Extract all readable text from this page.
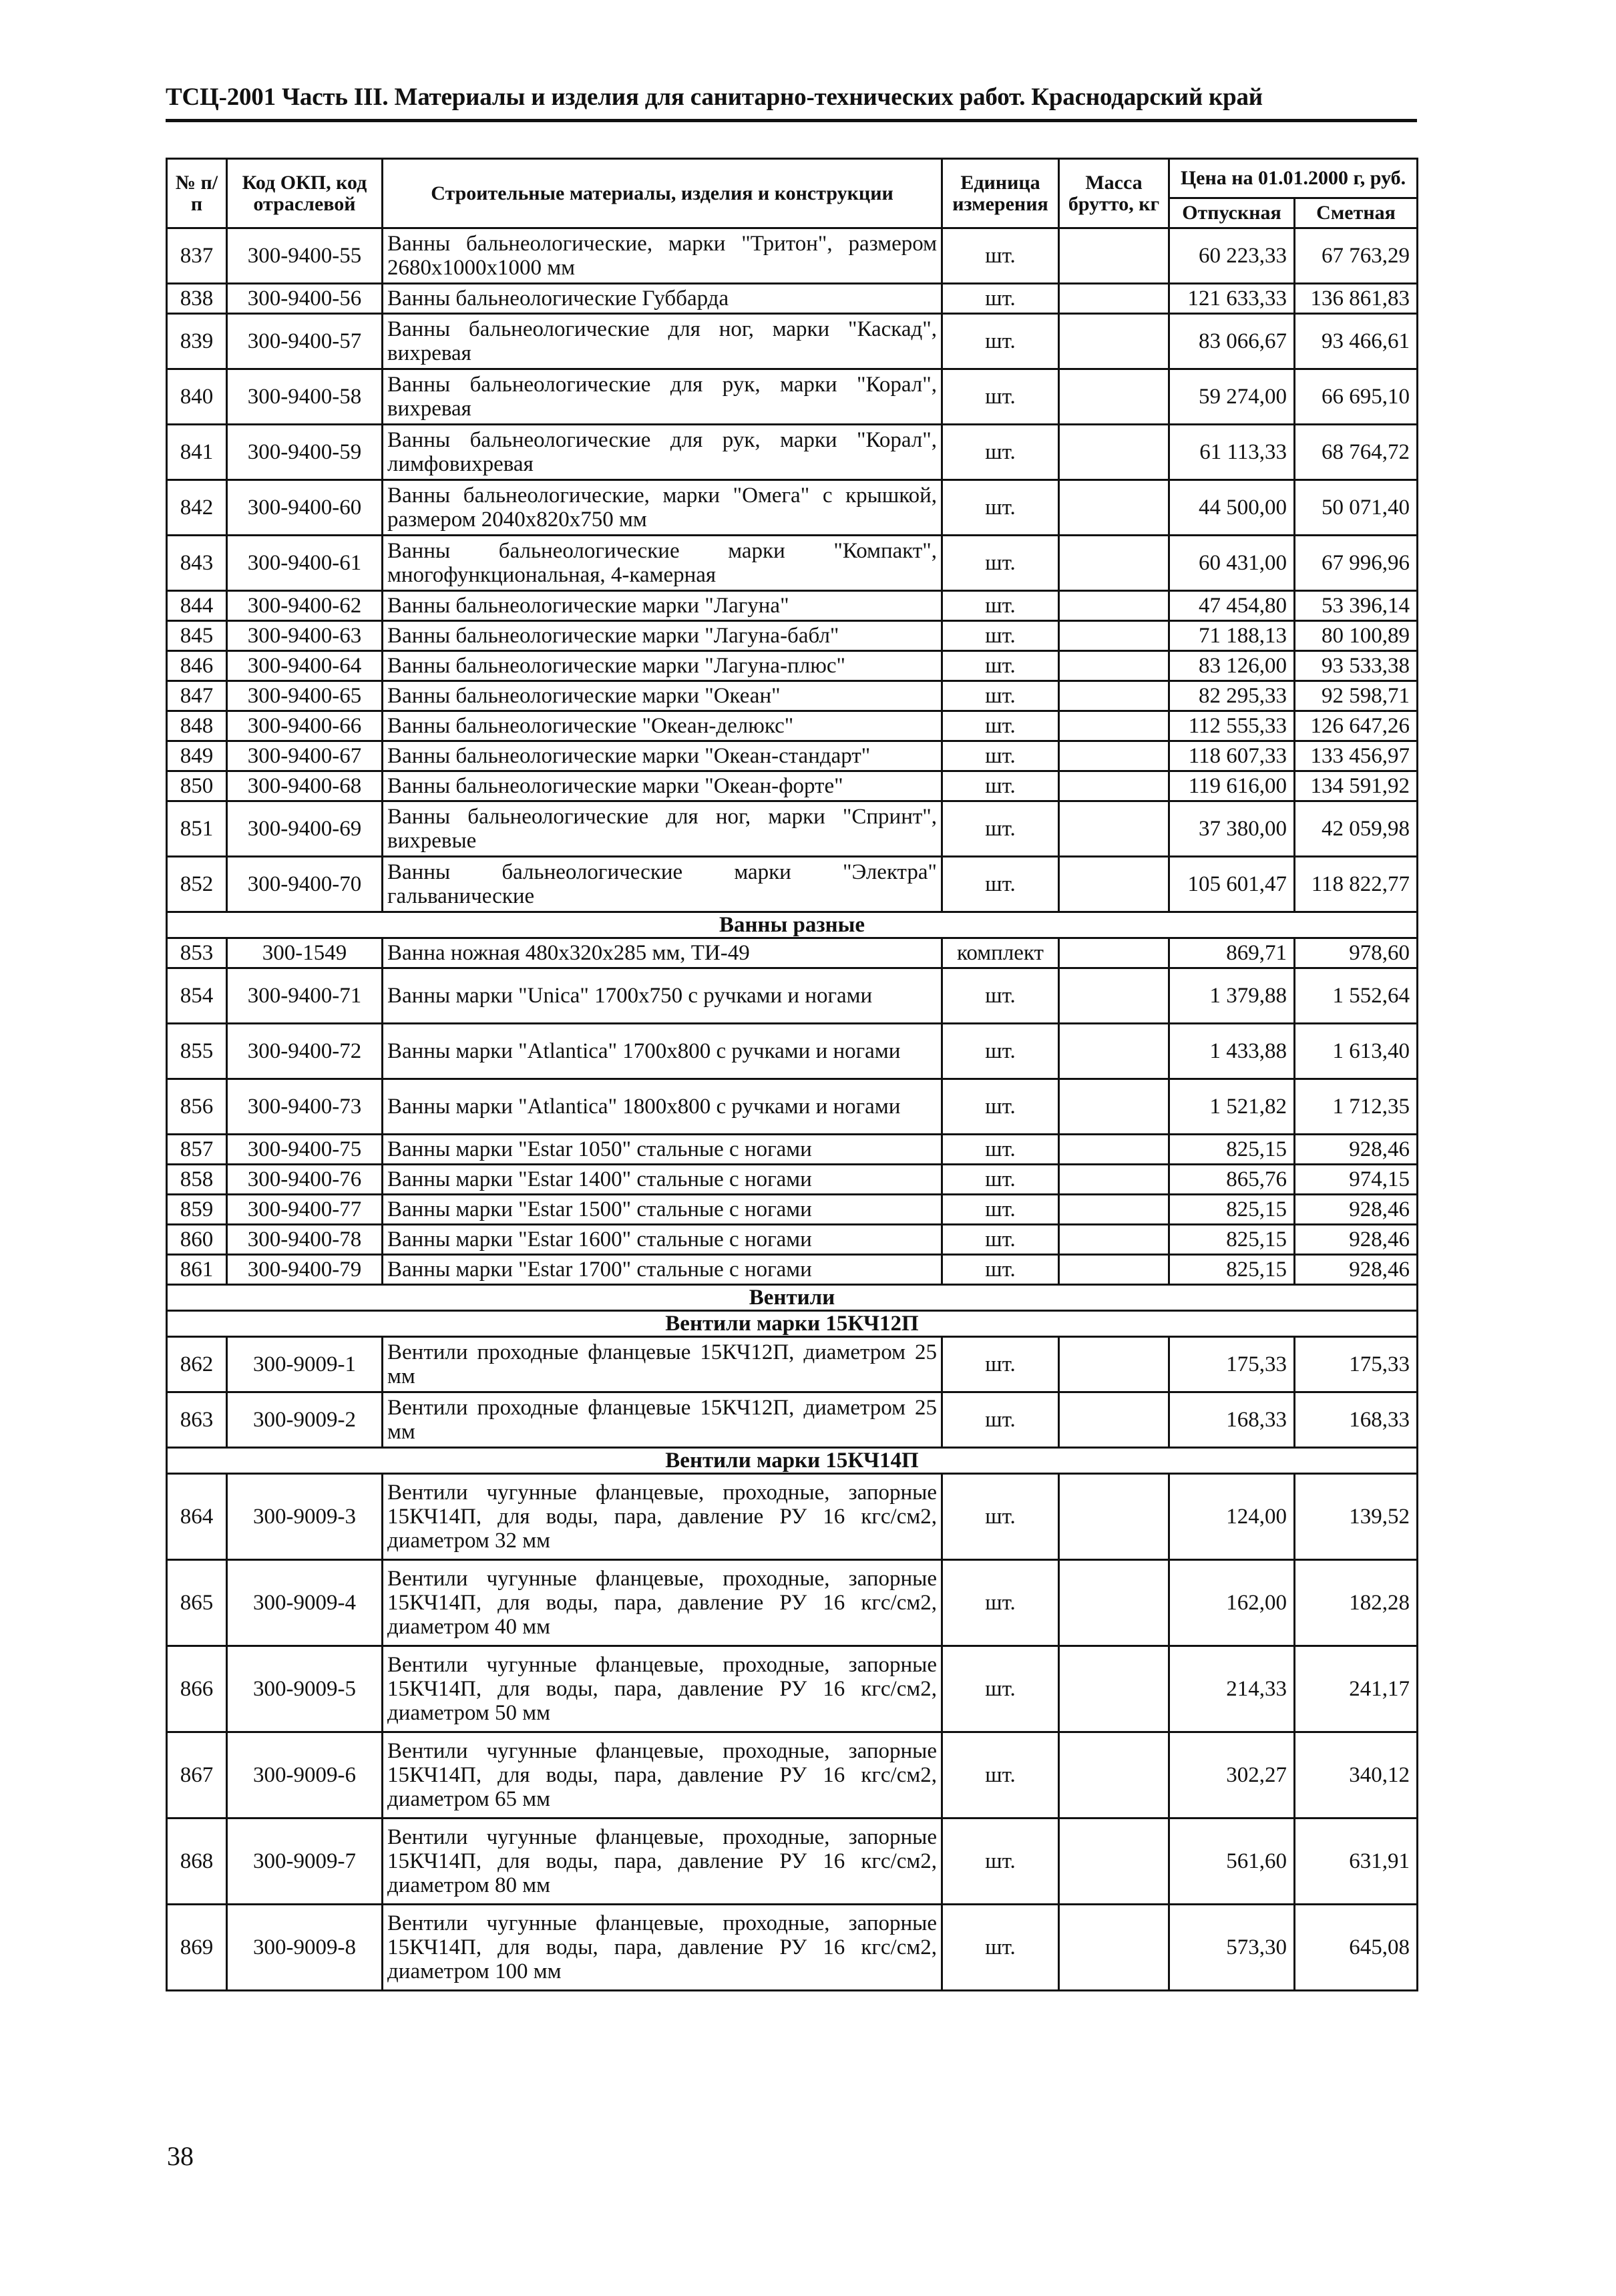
ТСЦ-2001 Часть III. Материалы и изделия для санитарно-технических работ. Краснодарский край
№ п/п	Код ОКП, код отраслевой	Строительные материалы, изделия и конструкции	Единица измерения	Масса брутто, кг	Цена на 01.01.2000 г, руб.	
					Отпускная	Сметная
837	300-9400-55	Ванны бальнеологические, марки "Тритон", размером 2680х1000х1000 мм	шт.		60 223,33	67 763,29
838	300-9400-56	Ванны бальнеологические Губбарда	шт.		121 633,33	136 861,83
839	300-9400-57	Ванны бальнеологические для ног, марки "Каскад", вихревая	шт.		83 066,67	93 466,61
840	300-9400-58	Ванны бальнеологические для рук, марки "Корал", вихревая	шт.		59 274,00	66 695,10
841	300-9400-59	Ванны бальнеологические для рук, марки "Корал", лимфовихревая	шт.		61 113,33	68 764,72
842	300-9400-60	Ванны бальнеологические, марки "Омега" с крышкой, размером 2040х820х750 мм	шт.		44 500,00	50 071,40
843	300-9400-61	Ванны бальнеологические марки "Компакт", многофункциональная, 4-камерная	шт.		60 431,00	67 996,96
844	300-9400-62	Ванны бальнеологические марки "Лагуна"	шт.		47 454,80	53 396,14
845	300-9400-63	Ванны бальнеологические марки "Лагуна-бабл"	шт.		71 188,13	80 100,89
846	300-9400-64	Ванны бальнеологические марки "Лагуна-плюс"	шт.		83 126,00	93 533,38
847	300-9400-65	Ванны бальнеологические марки "Океан"	шт.		82 295,33	92 598,71
848	300-9400-66	Ванны бальнеологические "Океан-делюкс"	шт.		112 555,33	126 647,26
849	300-9400-67	Ванны бальнеологические марки "Океан-стандарт"	шт.		118 607,33	133 456,97
850	300-9400-68	Ванны бальнеологические марки "Океан-форте"	шт.		119 616,00	134 591,92
851	300-9400-69	Ванны бальнеологические для ног, марки "Спринт", вихревые	шт.		37 380,00	42 059,98
852	300-9400-70	Ванны бальнеологические марки "Электра" гальванические	шт.		105 601,47	118 822,77
Ванны разные						
853	300-1549	Ванна ножная 480х320х285 мм, ТИ-49	комплект		869,71	978,60
854	300-9400-71	Ванны марки "Unica" 1700х750 с ручками и ногами	шт.		1 379,88	1 552,64
855	300-9400-72	Ванны марки "Atlantica" 1700х800 с ручками и ногами	шт.		1 433,88	1 613,40
856	300-9400-73	Ванны марки "Atlantica" 1800х800 с ручками и ногами	шт.		1 521,82	1 712,35
857	300-9400-75	Ванны марки "Estar 1050" стальные с ногами	шт.		825,15	928,46
858	300-9400-76	Ванны марки "Estar 1400" стальные с ногами	шт.		865,76	974,15
859	300-9400-77	Ванны марки "Estar 1500" стальные с ногами	шт.		825,15	928,46
860	300-9400-78	Ванны марки "Estar 1600" стальные с ногами	шт.		825,15	928,46
861	300-9400-79	Ванны марки "Estar 1700" стальные с ногами	шт.		825,15	928,46
Вентили						
Вентили марки 15КЧ12П						
862	300-9009-1	Вентили проходные фланцевые 15КЧ12П, диаметром 25 мм	шт.		175,33	175,33
863	300-9009-2	Вентили проходные фланцевые 15КЧ12П, диаметром 25 мм	шт.		168,33	168,33
Вентили марки 15КЧ14П						
864	300-9009-3	Вентили чугунные фланцевые, проходные, запорные 15КЧ14П, для воды, пара, давление РУ 16 кгс/см2, диаметром 32 мм	шт.		124,00	139,52
865	300-9009-4	Вентили чугунные фланцевые, проходные, запорные 15КЧ14П, для воды, пара, давление РУ 16 кгс/см2, диаметром 40 мм	шт.		162,00	182,28
866	300-9009-5	Вентили чугунные фланцевые, проходные, запорные 15КЧ14П, для воды, пара, давление РУ 16 кгс/см2, диаметром 50 мм	шт.		214,33	241,17
867	300-9009-6	Вентили чугунные фланцевые, проходные, запорные 15КЧ14П, для воды, пара, давление РУ 16 кгс/см2, диаметром 65 мм	шт.		302,27	340,12
868	300-9009-7	Вентили чугунные фланцевые, проходные, запорные 15КЧ14П, для воды, пара, давление РУ 16 кгс/см2, диаметром 80 мм	шт.		561,60	631,91
869	300-9009-8	Вентили чугунные фланцевые, проходные, запорные 15КЧ14П, для воды, пара, давление РУ 16 кгс/см2, диаметром 100 мм	шт.		573,30	645,08
38
